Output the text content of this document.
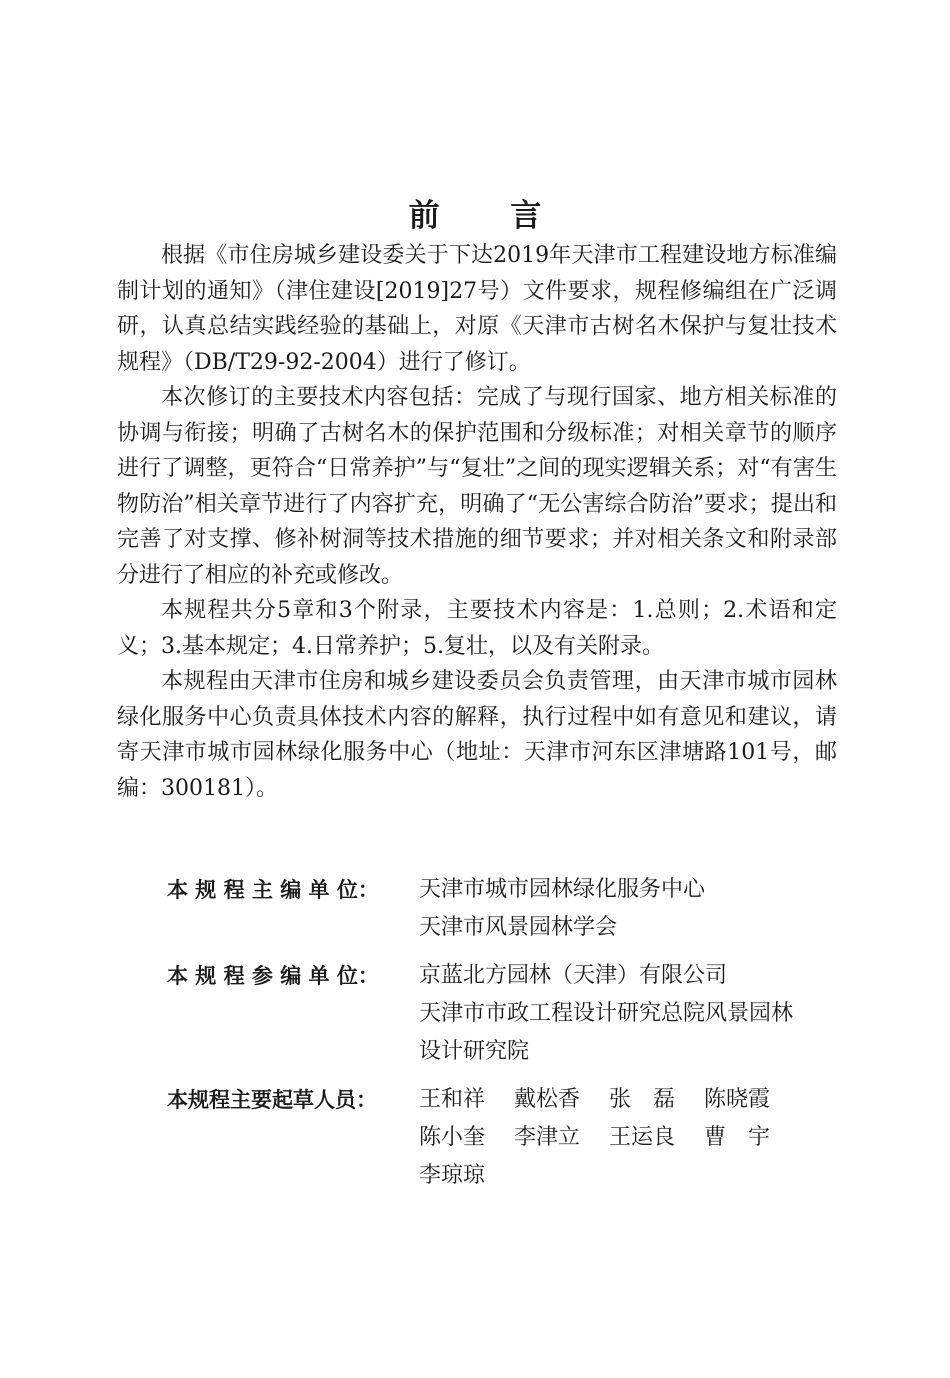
前 言

根据《市住房城乡建设委关于下达2019年天津市工程建设地方标准编制计划的通知》（津住建设[2019]27号）文件要求，规程修编组在广泛调研，认真总结实践经验的基础上，对原《天津市古树名木保护与复壮技术规程》（DB/T29-92-2004）进行了修订。

本次修订的主要技术内容包括：完成了与现行国家、地方相关标准的协调与衔接；明确了古树名木的保护范围和分级标准；对相关章节的顺序进行了调整，更符合“日常养护”与“复壮”之间的现实逻辑关系；对“有害生物防治”相关章节进行了内容扩充，明确了“无公害综合防治”要求；提出和完善了对支撑、修补树洞等技术措施的细节要求；并对相关条文和附录部分进行了相应的补充或修改。

本规程共分5章和3个附录，主要技术内容是：1.总则；2.术语和定义；3.基本规定；4.日常养护；5.复壮，以及有关附录。

本规程由天津市住房和城乡建设委员会负责管理，由天津市城市园林绿化服务中心负责具体技术内容的解释，执行过程中如有意见和建议，请寄天津市城市园林绿化服务中心（地址：天津市河东区津塘路101号，邮编：300181）。

本 规 程 主 编 单 位：	天津市城市园林绿化服务中心
天津市风景园林学会
本 规 程 参 编 单 位：	京蓝北方园林（天津）有限公司
天津市市政工程设计研究总院风景园林
设计研究院
本规程主要起草人员：	王和祥　 戴松香　 张　磊　 陈晓霞
陈小奎　 李津立　 王运良　 曹　宇
李琼琼
